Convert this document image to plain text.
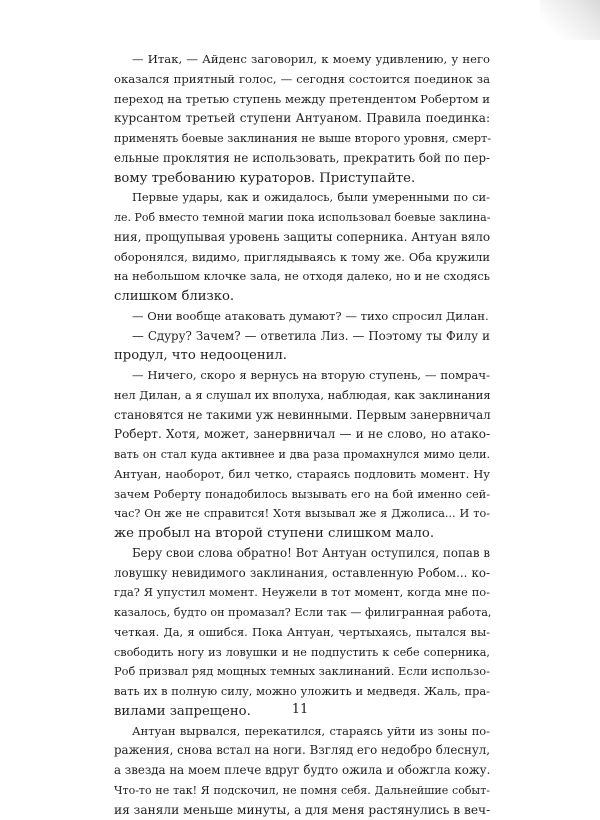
— Итак, — Айденс заговорил, к моему удивлению, у него
оказался приятный голос, — сегодня состоится поединок за
переход на третью ступень между претендентом Робертом и
курсантом третьей ступени Антуаном. Правила поединка:
применять боевые заклинания не выше второго уровня, смерт-
ельные проклятия не использовать, прекратить бой по пер-
вому требованию кураторов. Приступайте.
Первые удары, как и ожидалось, были умеренными по си-
ле. Роб вместо темной магии пока использовал боевые заклина-
ния, прощупывая уровень защиты соперника. Антуан вяло
оборонялся, видимо, приглядываясь к тому же. Оба кружили
на небольшом клочке зала, не отходя далеко, но и не сходясь
слишком близко.
— Они вообще атаковать думают? — тихо спросил Дилан.
— Сдуру? Зачем? — ответила Лиз. — Поэтому ты Филу и
продул, что недооценил.
— Ничего, скоро я вернусь на вторую ступень, — помрач-
нел Дилан, а я слушал их вполуха, наблюдая, как заклинания
становятся не такими уж невинными. Первым занервничал
Роберт. Хотя, может, занервничал — и не слово, но атако-
вать он стал куда активнее и два раза промахнулся мимо цели.
Антуан, наоборот, бил четко, стараясь подловить момент. Ну
зачем Роберту понадобилось вызывать его на бой именно сей-
час? Он же не справится! Хотя вызывал же я Джолиса... И то-
же пробыл на второй ступени слишком мало.
Беру свои слова обратно! Вот Антуан оступился, попав в
ловушку невидимого заклинания, оставленную Робом... ко-
гда? Я упустил момент. Неужели в тот момент, когда мне по-
казалось, будто он промазал? Если так — филигранная работа,
четкая. Да, я ошибся. Пока Антуан, чертыхаясь, пытался вы-
свободить ногу из ловушки и не подпустить к себе соперника,
Роб призвал ряд мощных темных заклинаний. Если использо-
вать их в полную силу, можно уложить и медведя. Жаль, пра-
вилами запрещено.
Антуан вырвался, перекатился, стараясь уйти из зоны по-
ражения, снова встал на ноги. Взгляд его недобро блеснул,
а звезда на моем плече вдруг будто ожила и обожгла кожу.
Что-то не так! Я подскочил, не помня себя. Дальнейшие событ-
ия заняли меньше минуты, а для меня растянулись в веч-
11
